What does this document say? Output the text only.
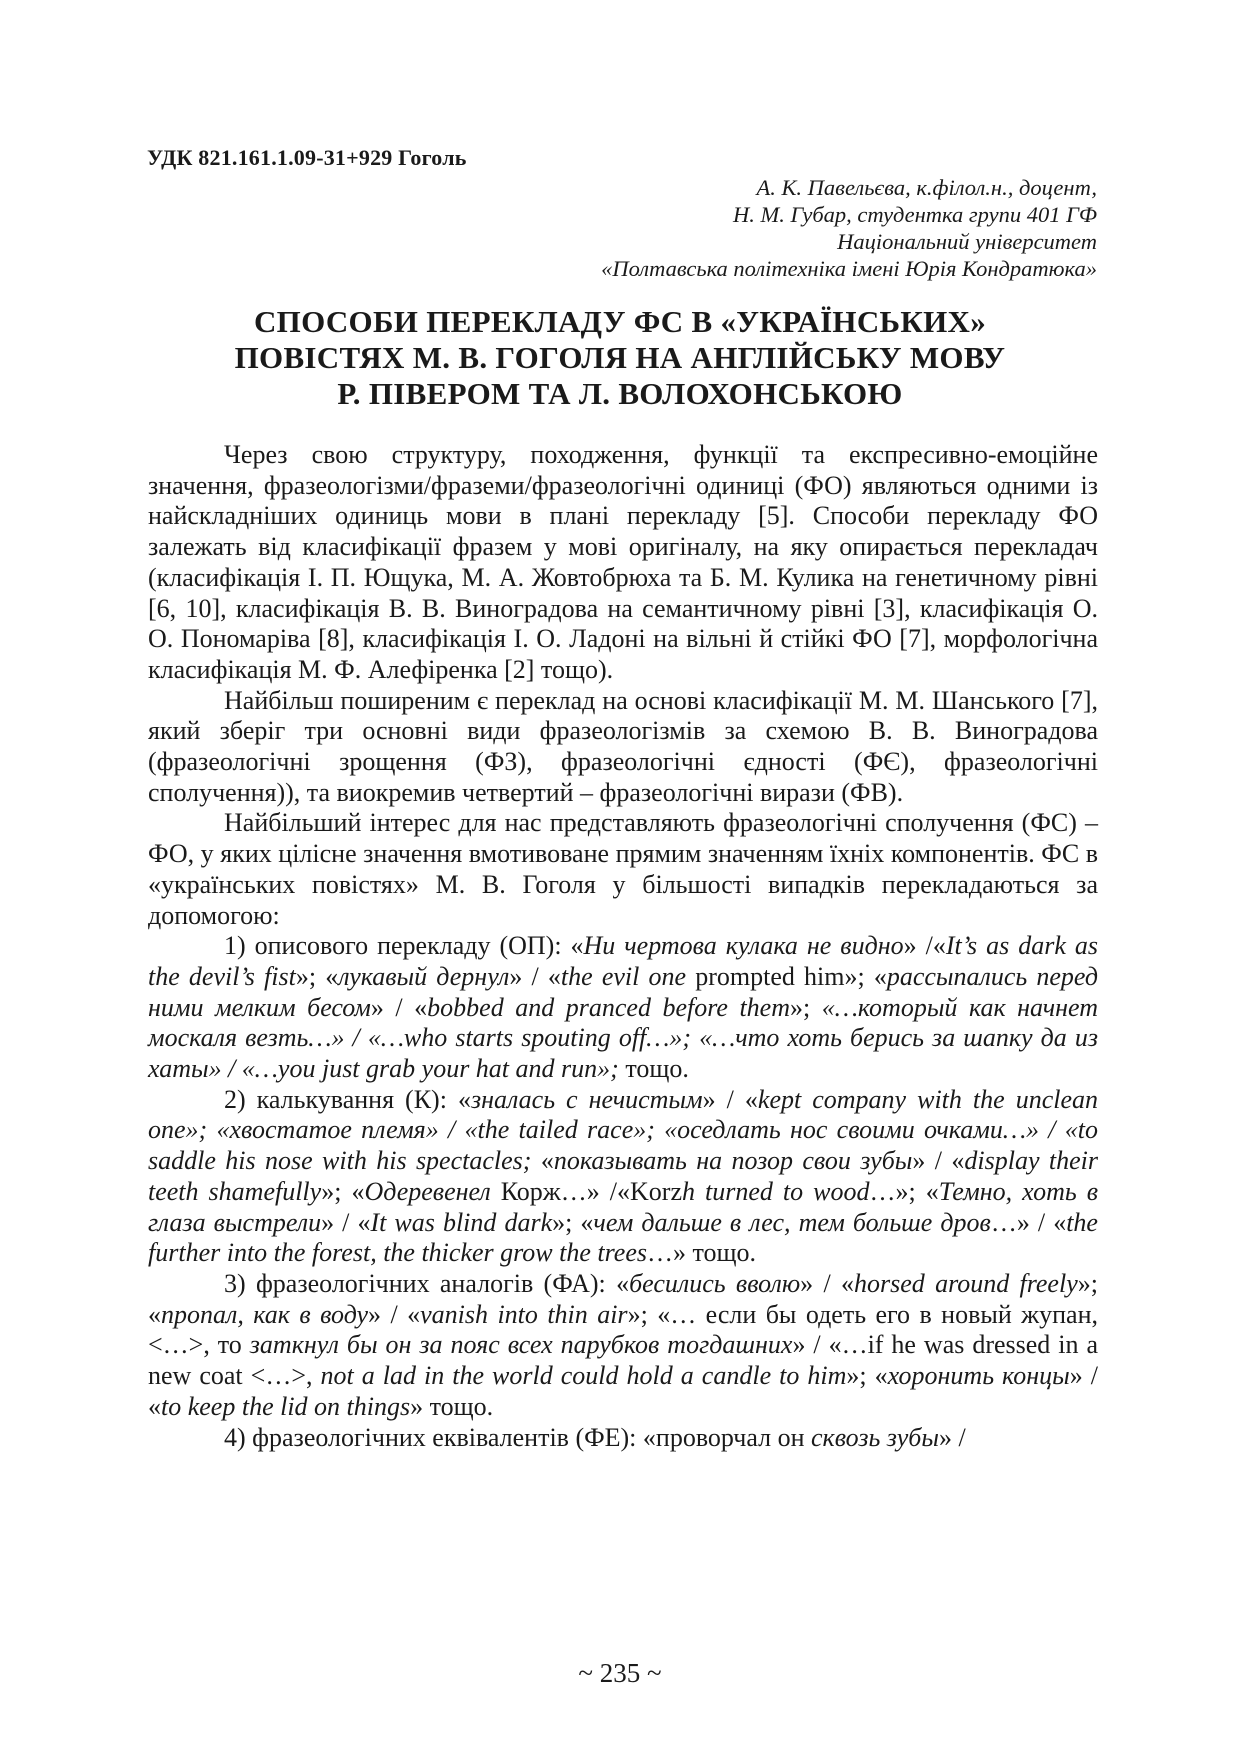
УДК 821.161.1.09-31+929 Гоголь
А. К. Павельєва, к.філол.н., доцент,
Н. М. Губар, студентка групи 401 ГФ
Національний університет
«Полтавська політехніка імені Юрія Кондратюка»
СПОСОБИ ПЕРЕКЛАДУ ФС В «УКРАЇНСЬКИХ»
ПОВІСТЯХ М. В. ГОГОЛЯ НА АНГЛІЙСЬКУ МОВУ
Р. ПІВЕРОМ ТА Л. ВОЛОХОНСЬКОЮ

Через свою структуру, походження, функції та експресивно-емоційне значення, фразеологізми/фраземи/фразеологічні одиниці (ФО) являються одними із найскладніших одиниць мови в плані перекладу [5]. Способи перекладу ФО залежать від класифікації фразем у мові оригіналу, на яку опирається перекладач (класифікація І. П. Ющука, М. А. Жовтобрюха та Б. М. Кулика на генетичному рівні [6, 10], класифікація В. В. Виноградова на семантичному рівні [3], класифікація О. О. Пономаріва [8], класифікація І. О. Ладоні на вільні й стійкі ФО [7], морфологічна класифікація М. Ф. Алефіренка [2] тощо).

Найбільш поширеним є переклад на основі класифікації М. М. Шанського [7], який зберіг три основні види фразеологізмів за схемою В. В. Виноградова (фразеологічні зрощення (ФЗ), фразеологічні єдності (ФЄ), фразеологічні сполучення)), та виокремив четвертий – фразеологічні вирази (ФВ).

Найбільший інтерес для нас представляють фразеологічні сполучення (ФС) – ФО, у яких цілісне значення вмотивоване прямим значенням їхніх компонентів. ФС в «українських повістях» М. В. Гоголя у більшості випадків перекладаються за допомогою:

1) описового перекладу (ОП): «Ни чертова кулака не видно» /«It’s as dark as the devil’s fist»; «лукавый дернул» / «the evil one prompted him»; «рассыпались перед ними мелким бесом» / «bobbed and pranced before them»; «…который как начнет москаля везть…» / «…who starts spouting off…»; «…что хоть берись за шапку да из хаты» / «…you just grab your hat and run»; тощо.

2) калькування (К): «зналась с нечистым» / «kept company with the unclean one»; «хвостатое племя» / «the tailed race»; «оседлать нос своими очками…» / «to saddle his nose with his spectacles; «показывать на позор свои зубы» / «display their teeth shamefully»; «Одеревенел Корж…» /«Korzh turned to wood…»; «Темно, хоть в глаза выстрели» / «It was blind dark»; «чем дальше в лес, тем больше дров…» / «the further into the forest, the thicker grow the trees…» тощо.

3) фразеологічних аналогів (ФА): «бесились вволю» / «horsed around freely»; «пропал, как в воду» / «vanish into thin air»; «… если бы одеть его в новый жупан, <…>, то заткнул бы он за пояс всех парубков тогдашних» / «…if he was dressed in a new coat <…>, not a lad in the world could hold a candle to him»; «хоронить концы» / «to keep the lid on things» тощо.

4) фразеологічних еквівалентів (ФЕ): «проворчал он сквозь зубы» /

~ 235 ~
